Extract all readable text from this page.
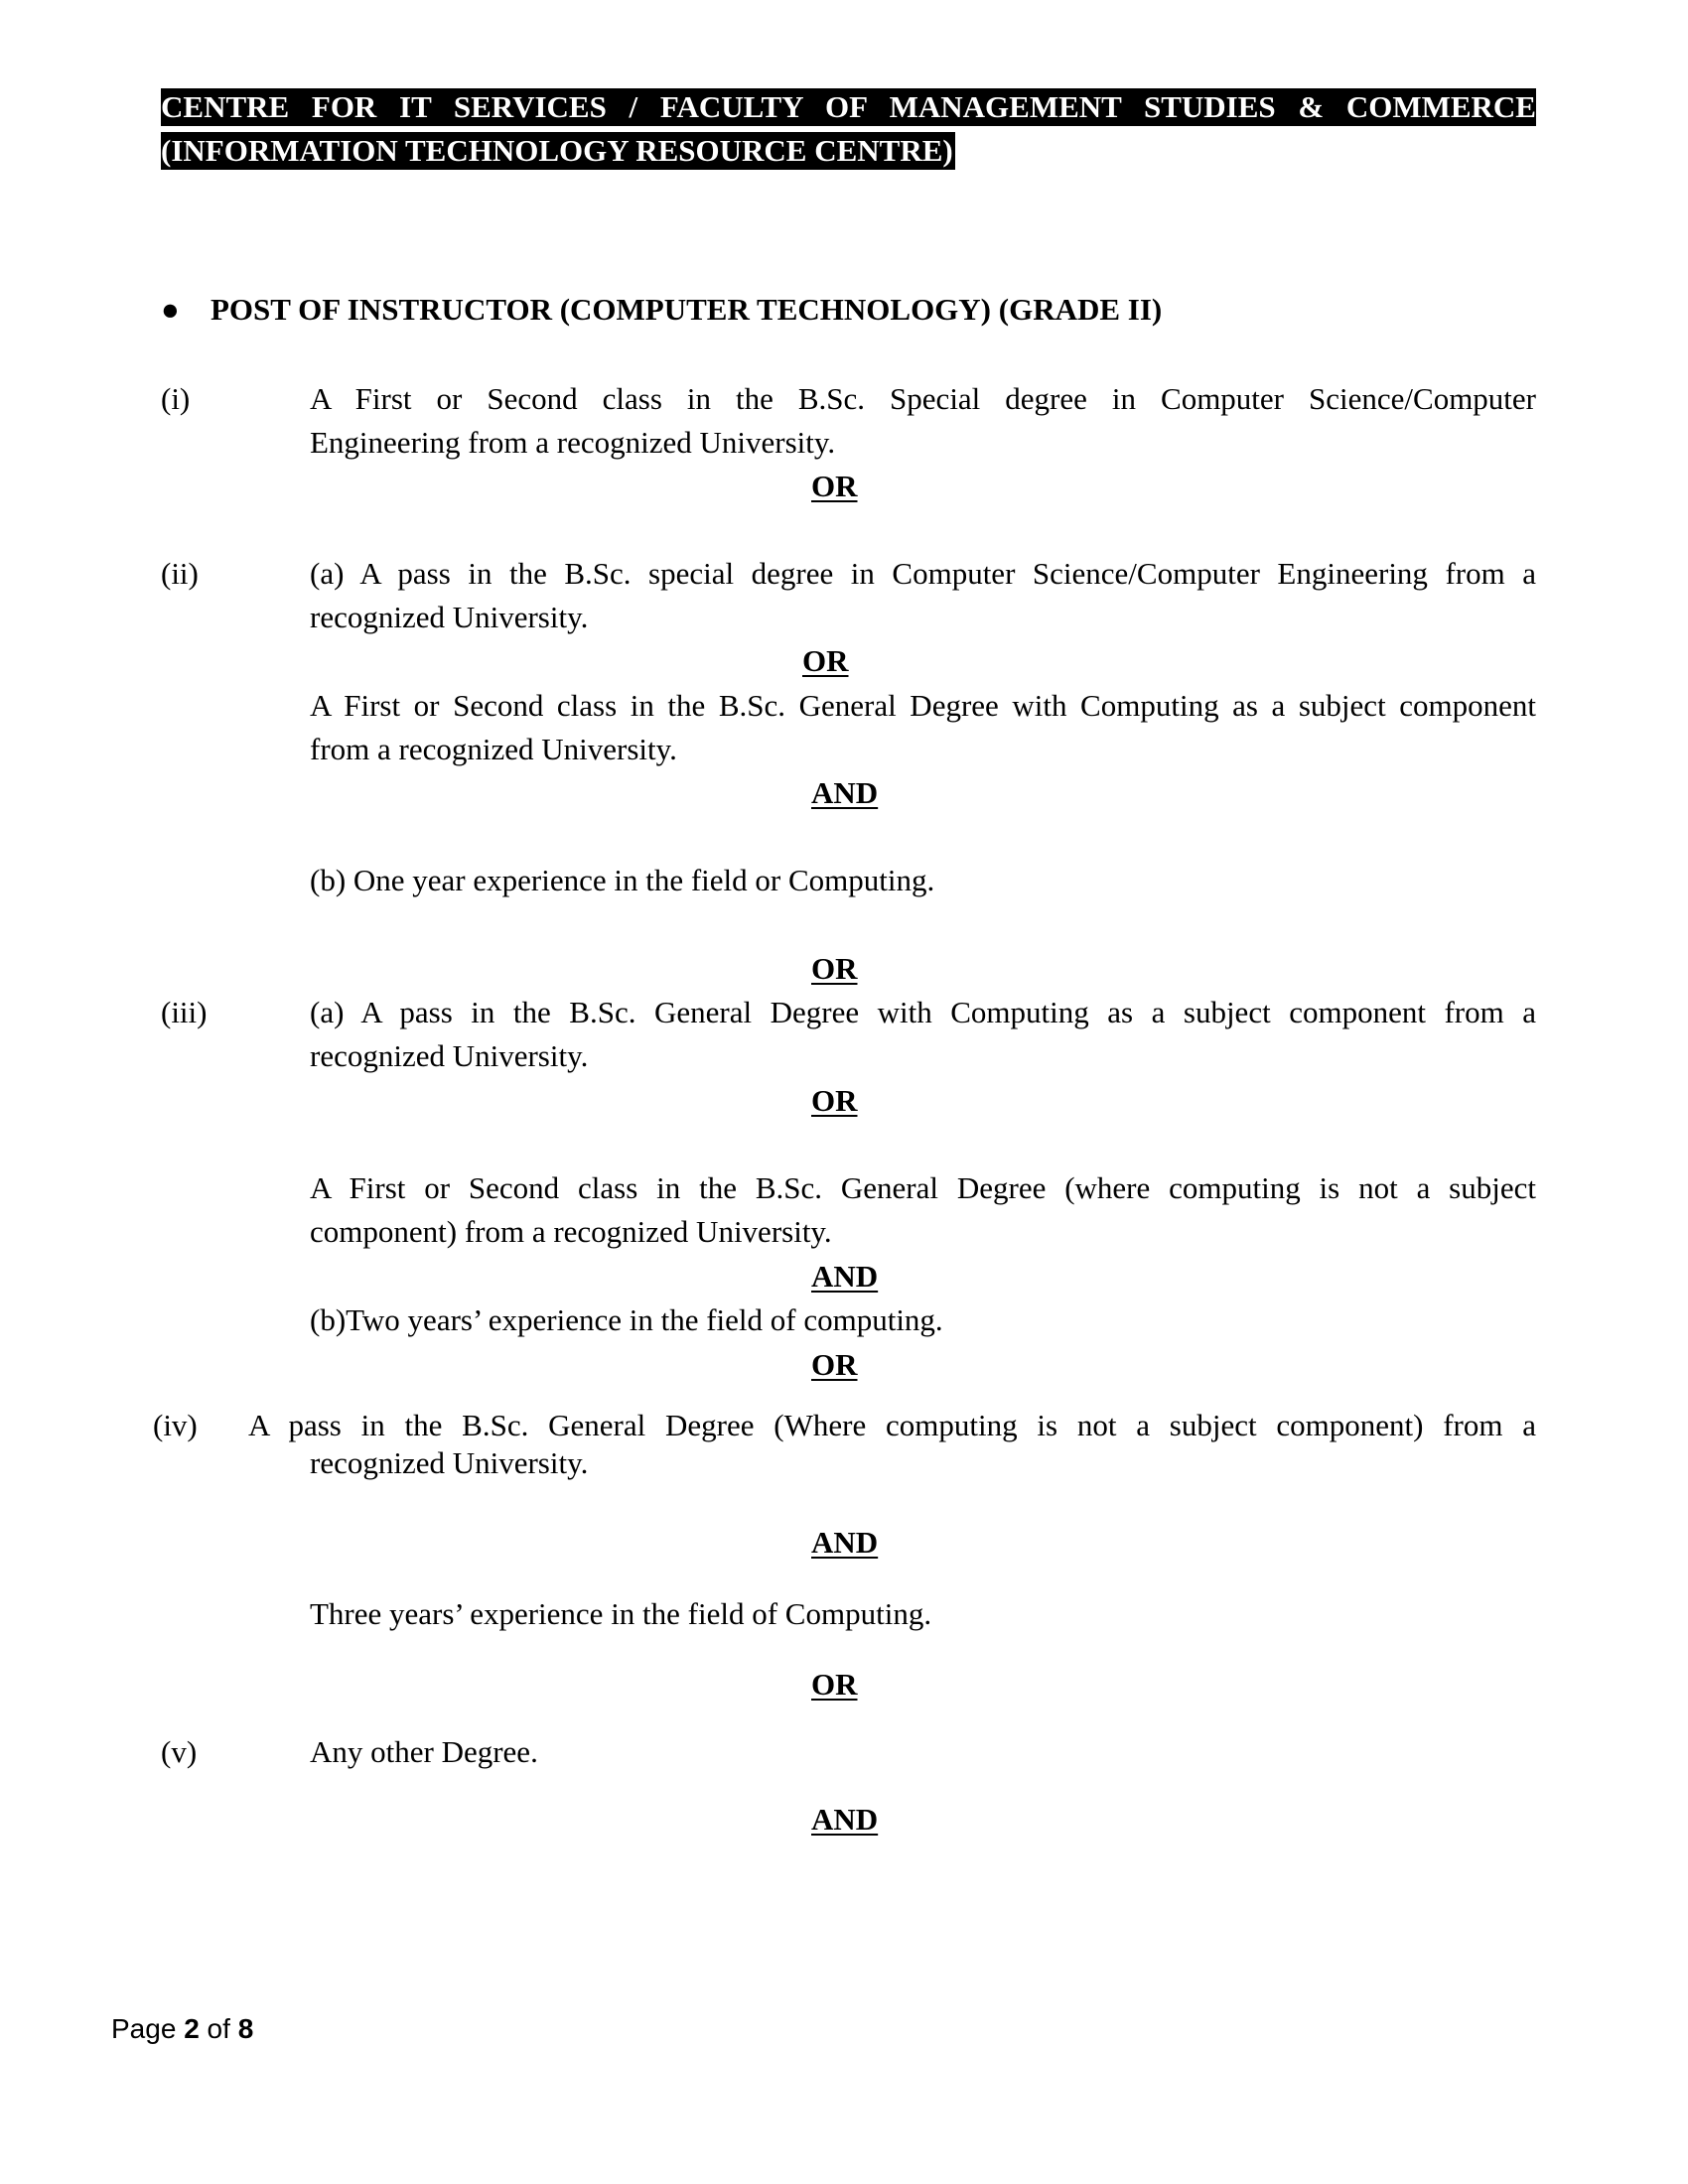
CENTRE FOR IT SERVICES / FACULTY OF MANAGEMENT STUDIES & COMMERCE
(INFORMATION TECHNOLOGY RESOURCE CENTRE)
● POST OF INSTRUCTOR (COMPUTER TECHNOLOGY) (GRADE II)
(i)	A First or Second class in the B.Sc. Special degree in Computer Science/Computer
Engineering from a recognized University.
OR
(ii)	(a) A pass in the B.Sc. special degree in Computer Science/Computer Engineering from a
recognized University.
OR
A First or Second class in the B.Sc. General Degree with Computing as a subject component
from a recognized University.
AND
(b) One year experience in the field or Computing.
OR
(iii)	(a) A pass in the B.Sc. General Degree with Computing as a subject component from a
recognized University.
OR
A First or Second class in the B.Sc. General Degree (where computing is not a subject
component) from a recognized University.
AND
(b)Two years’ experience in the field of computing.
OR
(iv) A pass in the B.Sc. General Degree (Where computing is not a subject component) from a
recognized University.
AND
Three years’ experience in the field of Computing.
OR
(v)	Any other Degree.
AND
Page 2 of 8
